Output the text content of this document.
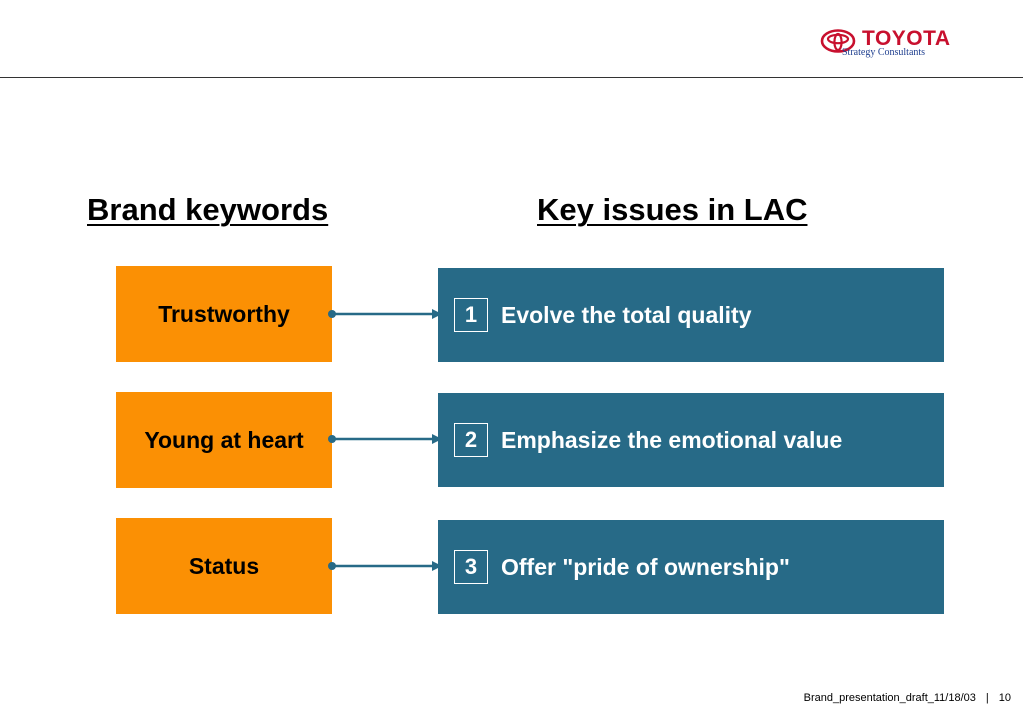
TOYOTA
Strategy Consultants
Brand keywords	Key issues in LAC
Trustworthy	1	Evolve the total quality
Young at heart	2	Emphasize the emotional value
Status	3	Offer "pride of ownership"
Brand_presentation_draft_11/18/03 | 10
